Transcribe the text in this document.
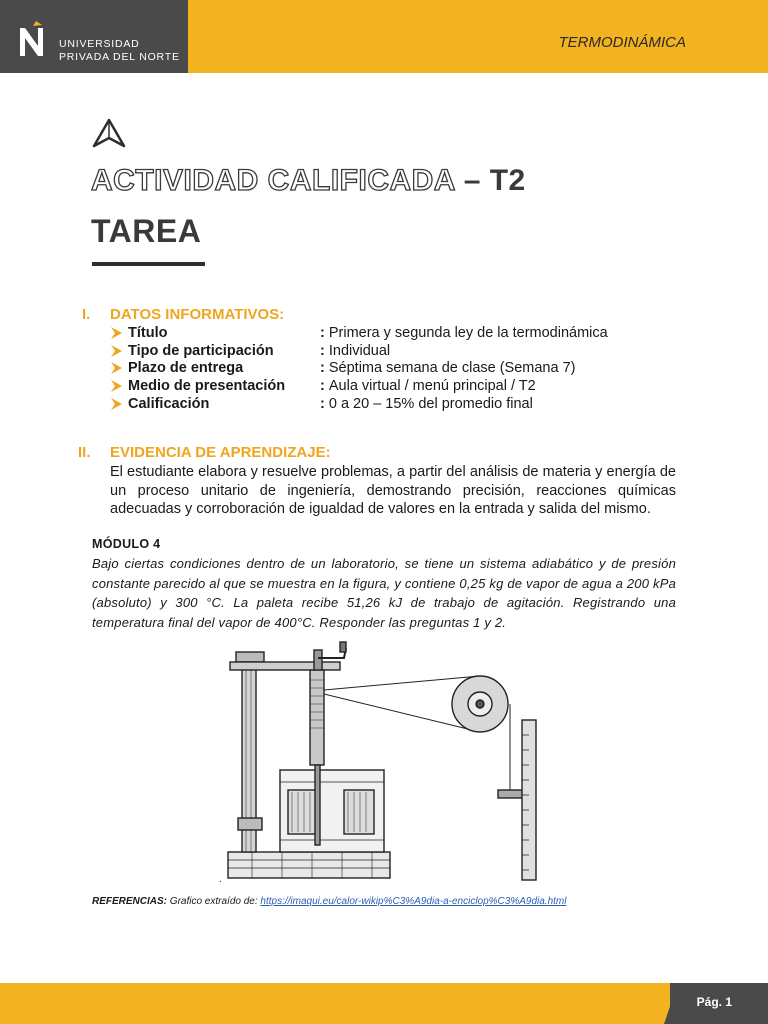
UNIVERSIDAD
PRIVADA DEL NORTE
TERMODINÁMICA
ACTIVIDAD CALIFICADA – T2
TAREA
I. DATOS INFORMATIVOS:
Título	: Primera y segunda ley de la termodinámica
Tipo de participación	: Individual
Plazo de entrega	: Séptima semana de clase (Semana 7)
Medio de presentación	: Aula virtual / menú principal / T2
Calificación	: 0 a 20 – 15% del promedio final
II. EVIDENCIA DE APRENDIZAJE:
El estudiante elabora y resuelve problemas, a partir del análisis de materia y energía de un proceso unitario de ingeniería, demostrando precisión, reacciones químicas adecuadas y corroboración de igualdad de valores en la entrada y salida del mismo.
MÓDULO 4
Bajo ciertas condiciones dentro de un laboratorio, se tiene un sistema adiabático y de presión constante parecido al que se muestra en la figura, y contiene 0,25 kg de vapor de agua a 200 kPa (absoluto) y 300 °C. La paleta recibe 51,26 kJ de trabajo de agitación. Registrando una temperatura final del vapor de 400°C. Responder las preguntas 1 y 2.
.
REFERENCIAS: Grafico extraído de: https://imaqui.eu/calor-wikip%C3%A9dia-a-enciclop%C3%A9dia.html
Pág. 1
